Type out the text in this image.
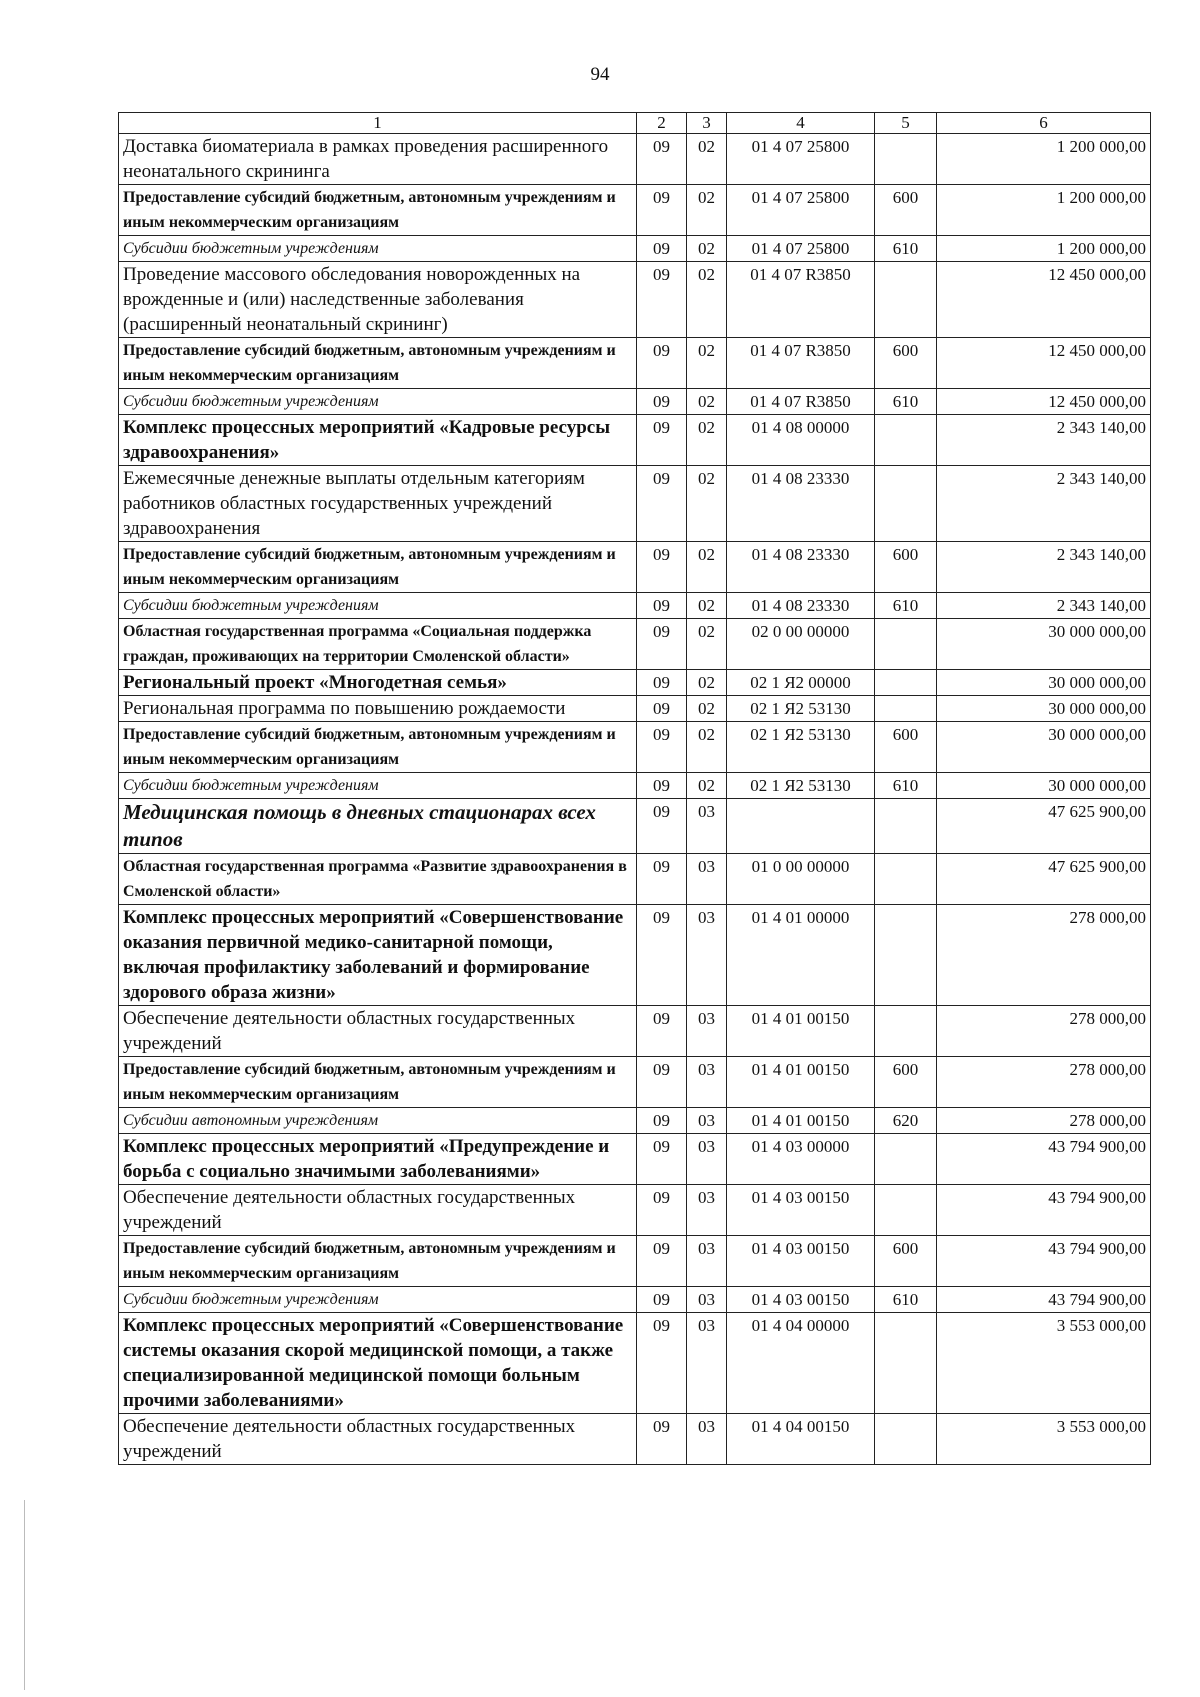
94
1	2	3	4	5	6
Доставка биоматериала в рамках проведения расширенного неонатального скрининга	09	02	01 4 07 25800		1 200 000,00
Предоставление субсидий бюджетным, автономным учреждениям и иным некоммерческим организациям	09	02	01 4 07 25800	600	1 200 000,00
Субсидии бюджетным учреждениям	09	02	01 4 07 25800	610	1 200 000,00
Проведение массового обследования новорожденных на врожденные и (или) наследственные заболевания (расширенный неонатальный скрининг)	09	02	01 4 07 R3850		12 450 000,00
Предоставление субсидий бюджетным, автономным учреждениям и иным некоммерческим организациям	09	02	01 4 07 R3850	600	12 450 000,00
Субсидии бюджетным учреждениям	09	02	01 4 07 R3850	610	12 450 000,00
Комплекс процессных мероприятий «Кадровые ресурсы здравоохранения»	09	02	01 4 08 00000		2 343 140,00
Ежемесячные денежные выплаты отдельным категориям работников областных государственных учреждений здравоохранения	09	02	01 4 08 23330		2 343 140,00
Предоставление субсидий бюджетным, автономным учреждениям и иным некоммерческим организациям	09	02	01 4 08 23330	600	2 343 140,00
Субсидии бюджетным учреждениям	09	02	01 4 08 23330	610	2 343 140,00
Областная государственная программа «Социальная поддержка граждан, проживающих на территории Смоленской области»	09	02	02 0 00 00000		30 000 000,00
Региональный проект «Многодетная семья»	09	02	02 1 Я2 00000		30 000 000,00
Региональная программа по повышению рождаемости	09	02	02 1 Я2 53130		30 000 000,00
Предоставление субсидий бюджетным, автономным учреждениям и иным некоммерческим организациям	09	02	02 1 Я2 53130	600	30 000 000,00
Субсидии бюджетным учреждениям	09	02	02 1 Я2 53130	610	30 000 000,00
Медицинская помощь в дневных стационарах всех типов	09	03			47 625 900,00
Областная государственная программа «Развитие здравоохранения в Смоленской области»	09	03	01 0 00 00000		47 625 900,00
Комплекс процессных мероприятий «Совершенствование оказания первичной медико-санитарной помощи, включая профилактику заболеваний и формирование здорового образа жизни»	09	03	01 4 01 00000		278 000,00
Обеспечение деятельности областных государственных учреждений	09	03	01 4 01 00150		278 000,00
Предоставление субсидий бюджетным, автономным учреждениям и иным некоммерческим организациям	09	03	01 4 01 00150	600	278 000,00
Субсидии автономным учреждениям	09	03	01 4 01 00150	620	278 000,00
Комплекс процессных мероприятий «Предупреждение и борьба с социально значимыми заболеваниями»	09	03	01 4 03 00000		43 794 900,00
Обеспечение деятельности областных государственных учреждений	09	03	01 4 03 00150		43 794 900,00
Предоставление субсидий бюджетным, автономным учреждениям и иным некоммерческим организациям	09	03	01 4 03 00150	600	43 794 900,00
Субсидии бюджетным учреждениям	09	03	01 4 03 00150	610	43 794 900,00
Комплекс процессных мероприятий «Совершенствование системы оказания скорой медицинской помощи, а также специализированной медицинской помощи больным прочими заболеваниями»	09	03	01 4 04 00000		3 553 000,00
Обеспечение деятельности областных государственных учреждений	09	03	01 4 04 00150		3 553 000,00
